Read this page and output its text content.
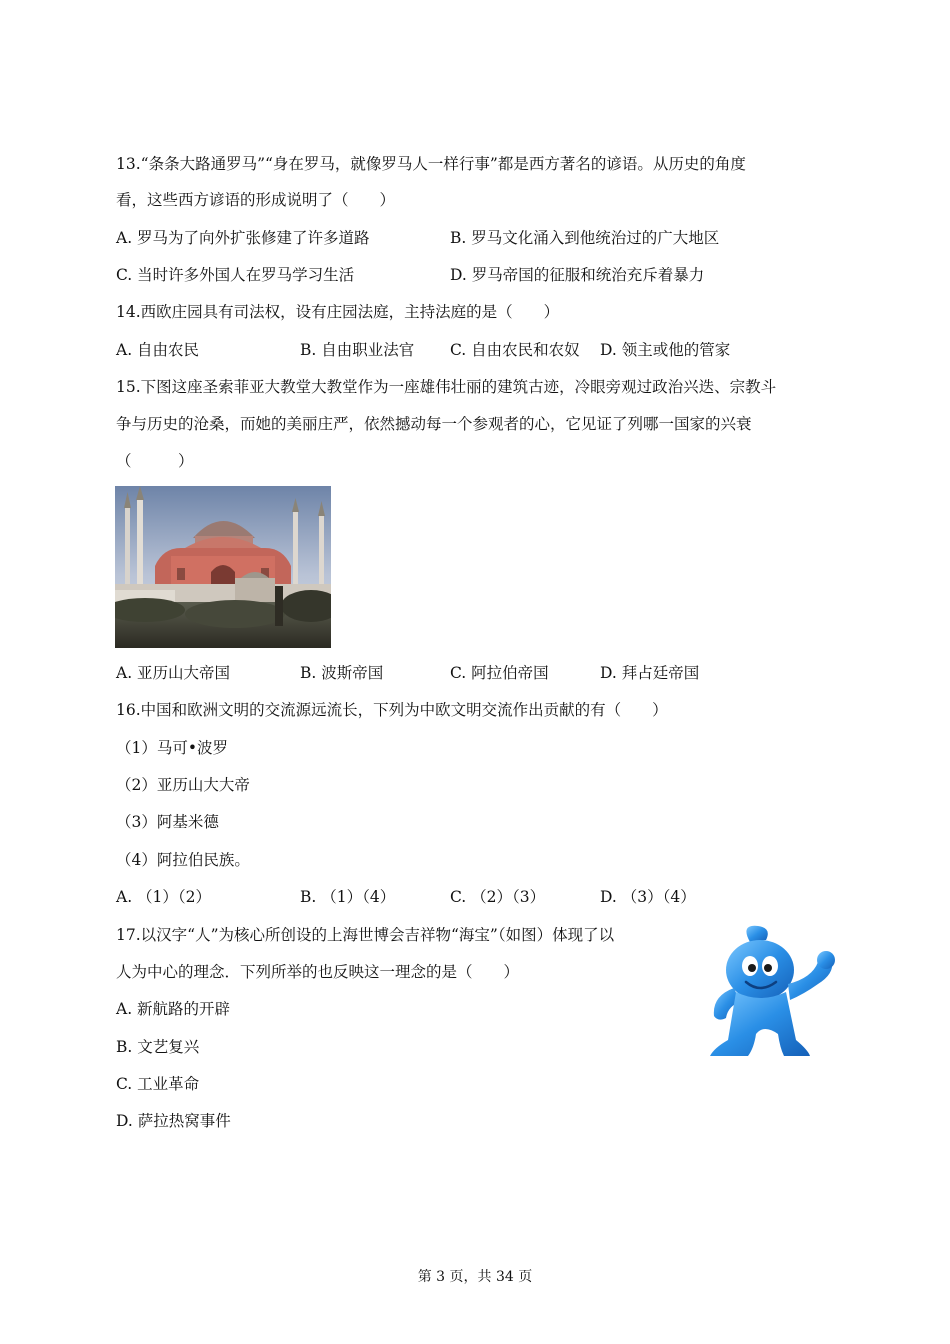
13.“条条大路通罗马”“身在罗马，就像罗马人一样行事”都是西方著名的谚语。从历史的角度
看，这些西方谚语的形成说明了（　　）
A. 罗马为了向外扩张修建了许多道路	B. 罗马文化涌入到他统治过的广大地区
C. 当时许多外国人在罗马学习生活	D. 罗马帝国的征服和统治充斥着暴力
14.西欧庄园具有司法权，设有庄园法庭，主持法庭的是（　　）
A. 自由农民	B. 自由职业法官 C. 自由农民和农奴 D. 领主或他的管家
15.下图这座圣索菲亚大教堂大教堂作为一座雄伟壮丽的建筑古迹，冷眼旁观过政治兴迭、宗教斗
争与历史的沧桑，而她的美丽庄严，依然撼动每一个参观者的心，它见证了列哪一国家的兴衰
（　　　）
A. 亚历山大帝国	B. 波斯帝国	C. 阿拉伯帝国	D. 拜占廷帝国
16.中国和欧洲文明的交流源远流长，下列为中欧文明交流作出贡献的有（　　）
（1）马可•波罗
（2）亚历山大大帝
（3）阿基米德
（4）阿拉伯民族。
A. （1）（2）	B. （1）（4）	C. （2）（3）	D. （3）（4）
17.以汉字“人”为核心所创设的上海世博会吉祥物“海宝”（如图）体现了以
人为中心的理念．下列所举的也反映这一理念的是（　　）
A. 新航路的开辟
B. 文艺复兴
C. 工业革命
D. 萨拉热窝事件
第 3 页，共 34 页
